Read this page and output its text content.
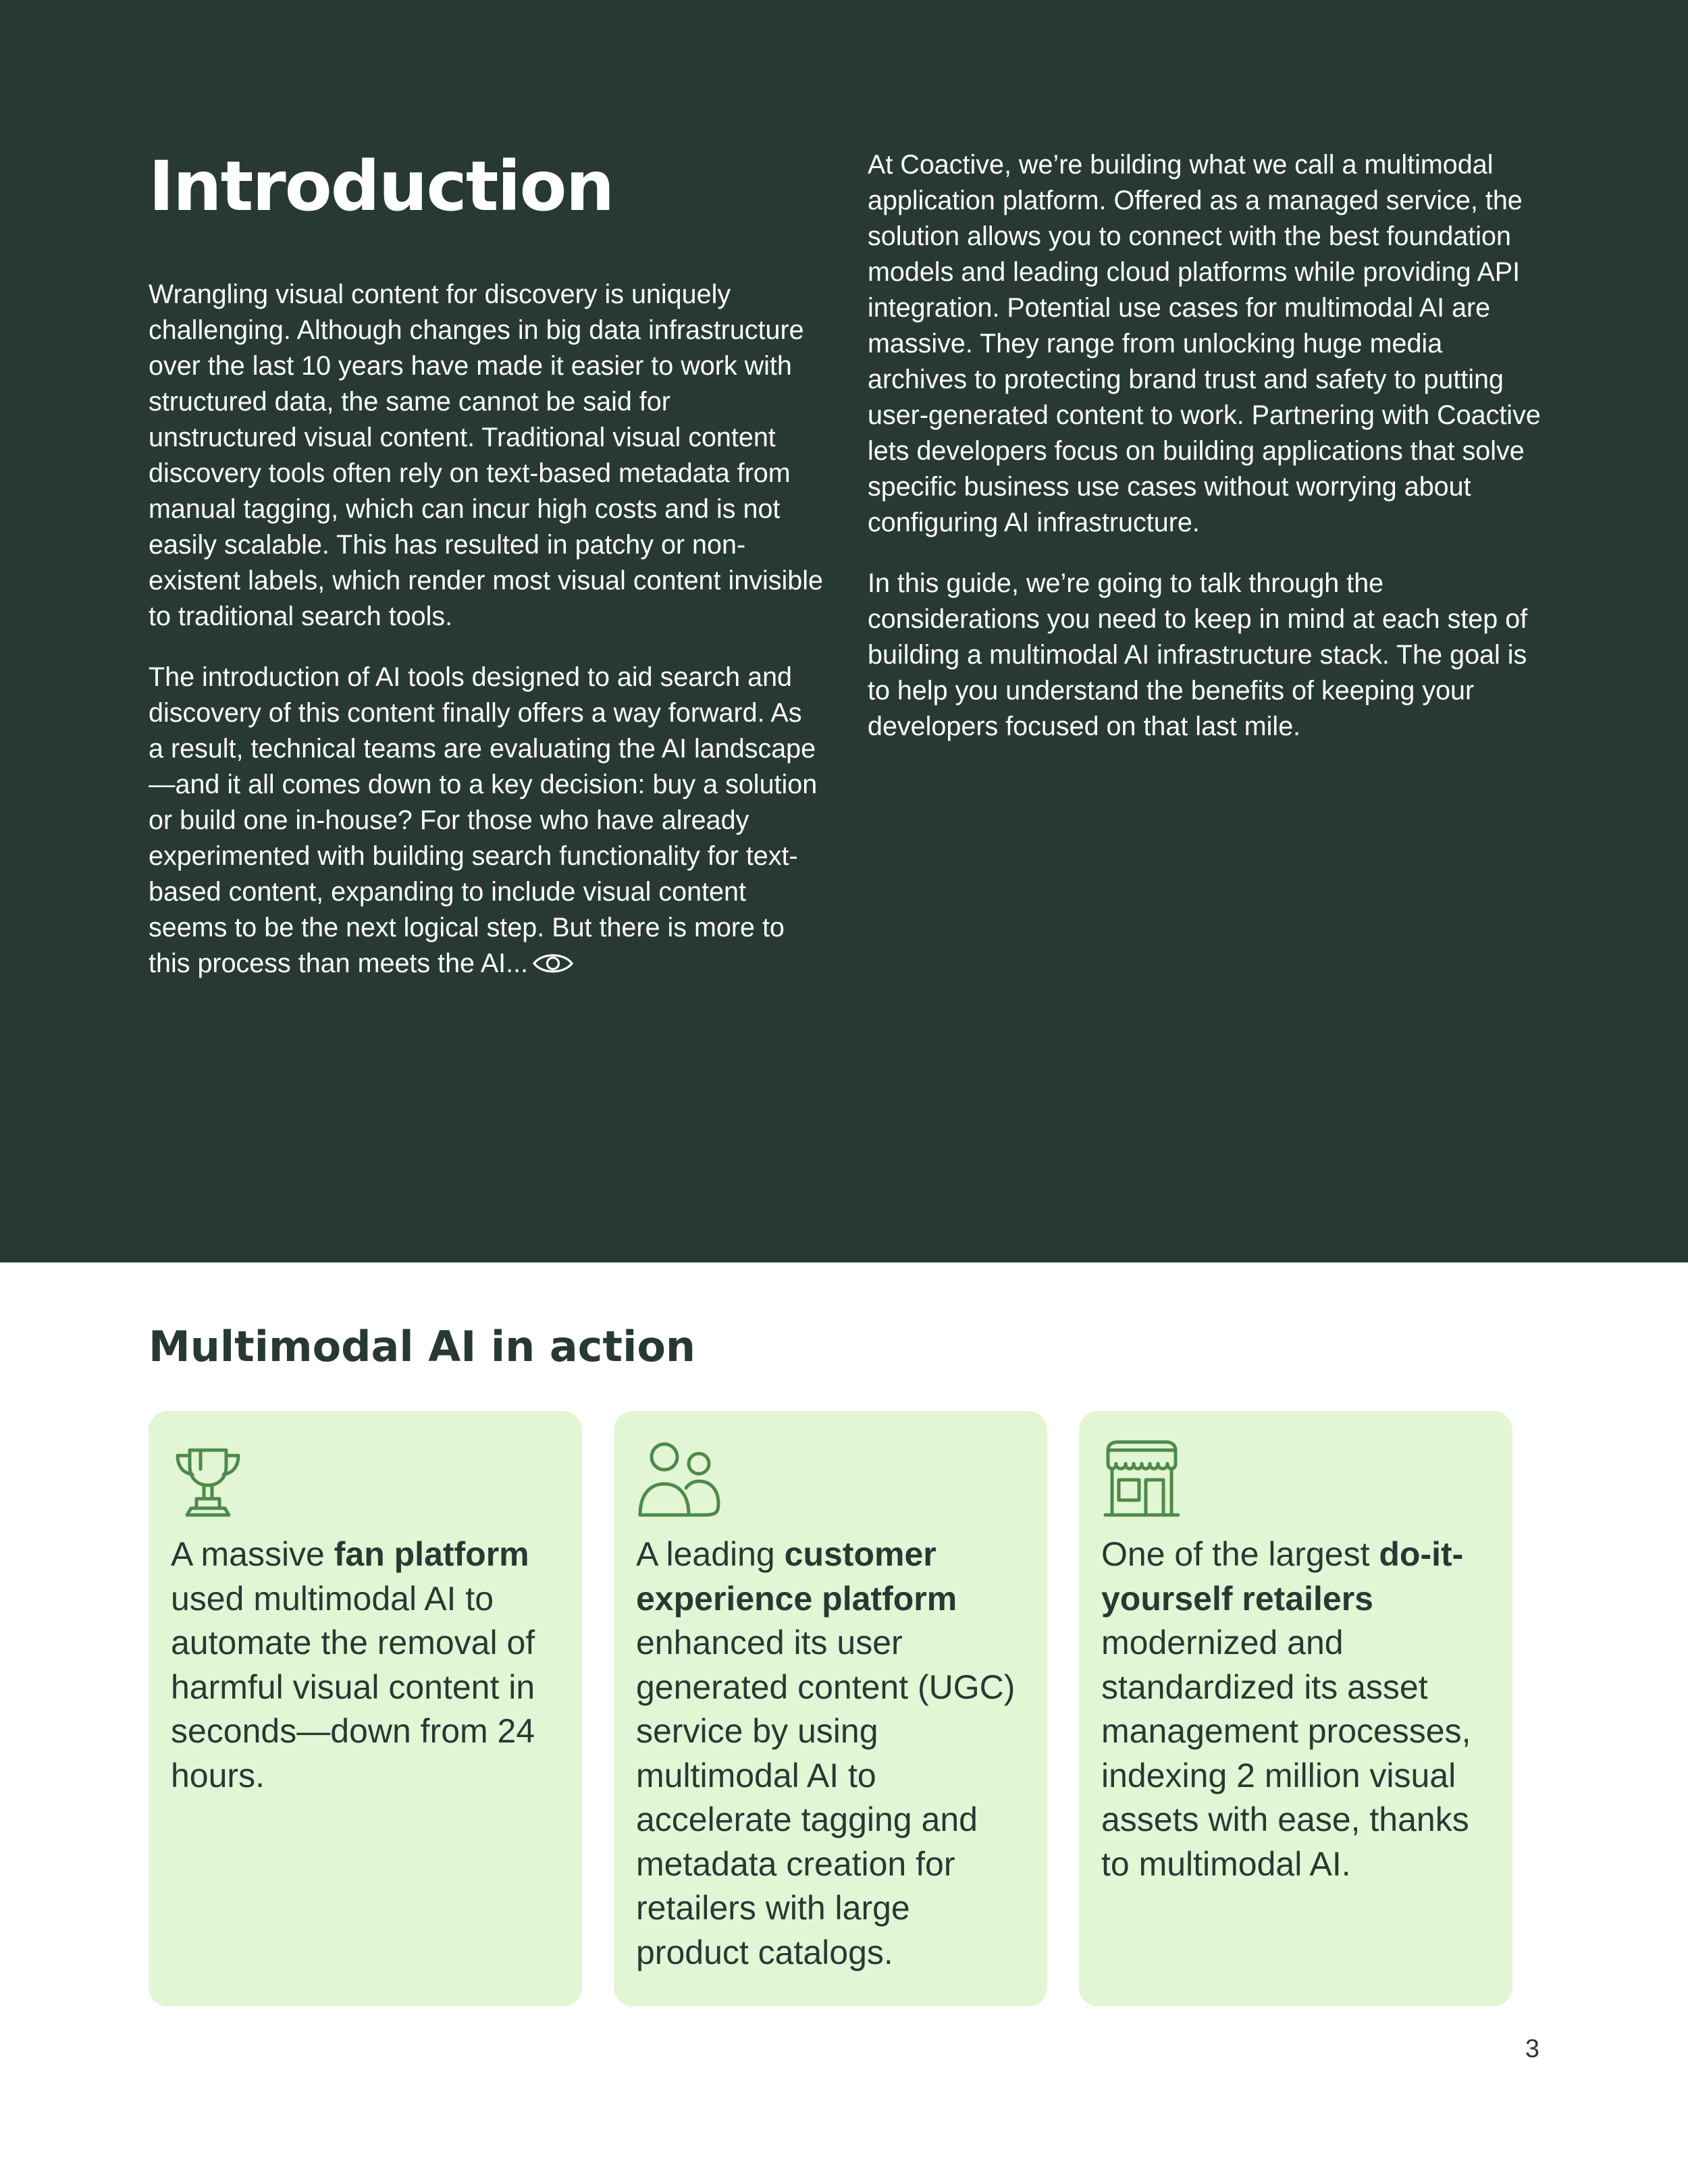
Introduction

Wrangling visual content for discovery is uniquely challenging. Although changes in big data infrastructure over the last 10 years have made it easier to work with structured data, the same cannot be said for unstructured visual content. Traditional visual content discovery tools often rely on text-based metadata from manual tagging, which can incur high costs and is not easily scalable. This has resulted in patchy or non-existent labels, which render most visual content invisible to traditional search tools.

The introduction of AI tools designed to aid search and discovery of this content finally offers a way forward. As a result, technical teams are evaluating the AI landscape—and it all comes down to a key decision: buy a solution or build one in-house? For those who have already experimented with building search functionality for text-based content, expanding to include visual content seems to be the next logical step. But there is more to this process than meets the AI...

At Coactive, we’re building what we call a multimodal application platform. Offered as a managed service, the solution allows you to connect with the best foundation models and leading cloud platforms while providing API integration. Potential use cases for multimodal AI are massive. They range from unlocking huge media archives to protecting brand trust and safety to putting user-generated content to work. Partnering with Coactive lets developers focus on building applications that solve specific business use cases without worrying about configuring AI infrastructure.

In this guide, we’re going to talk through the considerations you need to keep in mind at each step of building a multimodal AI infrastructure stack. The goal is to help you understand the benefits of keeping your developers focused on that last mile.

Multimodal AI in action

A massive fan platform used multimodal AI to automate the removal of harmful visual content in seconds—down from 24 hours.

A leading customer experience platform enhanced its user generated content (UGC) service by using multimodal AI to accelerate tagging and metadata creation for retailers with large product catalogs.

One of the largest do-it-yourself retailers modernized and standardized its asset management processes, indexing 2 million visual assets with ease, thanks to multimodal AI.

3
